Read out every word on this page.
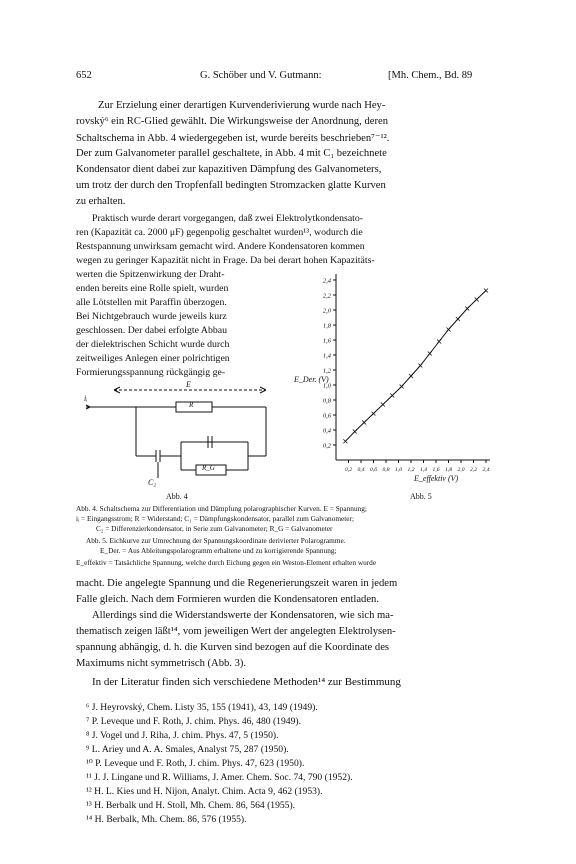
652	G. Schöber und V. Gutmann:	[Mh. Chem., Bd. 89
Zur Erzielung einer derartigen Kurvenderivierung wurde nach Hey-
rovský⁶ ein RC-Glied gewählt. Die Wirkungsweise der Anordnung, deren
Schaltschema in Abb. 4 wiedergegeben ist, wurde bereits beschrieben⁷⁻¹².
Der zum Galvanometer parallel geschaltete, in Abb. 4 mit C₁ bezeichnete
Kondensator dient dabei zur kapazitiven Dämpfung des Galvanometers,
um trotz der durch den Tropfenfall bedingten Stromzacken glatte Kurven
zu erhalten.
Praktisch wurde derart vorgegangen, daß zwei Elektrolytkondensato-
ren (Kapazität ca. 2000 μF) gegenpolig geschaltet wurden¹³, wodurch die
Restspannung unwirksam gemacht wird. Andere Kondensatoren kommen
wegen zu geringer Kapazität nicht in Frage. Da bei derart hohen Kapazitäts-
werten die Spitzenwirkung der Draht-
enden bereits eine Rolle spielt, wurden
alle Lötstellen mit Paraffin überzogen.
Bei Nichtgebrauch wurde jeweils kurz
geschlossen. Der dabei erfolgte Abbau
der dielektrischen Schicht wurde durch
zeitweiliges Anlegen einer polrichtigen
Formierungsspannung rückgängig ge-
E
iᵢ
R
R_G
C₂
Abb. 4
2,4
2,2
2,0
1,8
1,6
1,4
1,2
1,0
0,8
0,6
0,4
0,2
0,2 0,4 0,6 0,8 1,0 1,2 1,4 1,6 1,8 2,0 2,2 2,4
E_Der. (V)
E_effektiv (V)
Abb. 5
Abb. 4. Schaltschema zur Differentiation und Dämpfung polarographischer Kurven. E = Spannung;
iᵢ = Eingangsstrom; R = Widerstand; C₁ = Dämpfungskondensator, parallel zum Galvanometer;
C₂ = Differenzierkondensator, in Serie zum Galvanometer; R_G = Galvanometer
Abb. 5. Eichkurve zur Umrechnung der Spannungskoordinate derivierter Polarogramme.
E_Der. = Aus Ableitungspolarogramm erhaltene und zu korrigierende Spannung;
E_effektiv = Tatsächliche Spannung, welche durch Eichung gegen ein Weston-Element erhalten wurde
macht. Die angelegte Spannung und die Regenerierungszeit waren in jedem
Falle gleich. Nach dem Formieren wurden die Kondensatoren entladen.
Allerdings sind die Widerstandswerte der Kondensatoren, wie sich ma-
thematisch zeigen läßt¹⁴, vom jeweiligen Wert der angelegten Elektrolysen-
spannung abhängig, d. h. die Kurven sind bezogen auf die Koordinate des
Maximums nicht symmetrisch (Abb. 3).
In der Literatur finden sich verschiedene Methoden¹⁴ zur Bestimmung
⁶ J. Heyrovský, Chem. Listy 35, 155 (1941), 43, 149 (1949).
⁷ P. Leveque und F. Roth, J. chim. Phys. 46, 480 (1949).
⁸ J. Vogel und J. Riha, J. chim. Phys. 47, 5 (1950).
⁹ L. Ariey und A. A. Smales, Analyst 75, 287 (1950).
¹⁰ P. Leveque und F. Roth, J. chim. Phys. 47, 623 (1950).
¹¹ J. J. Lingane und R. Williams, J. Amer. Chem. Soc. 74, 790 (1952).
¹² H. L. Kies und H. Nijon, Analyt. Chim. Acta 9, 462 (1953).
¹³ H. Berbalk und H. Stoll, Mh. Chem. 86, 564 (1955).
¹⁴ H. Berbalk, Mh. Chem. 86, 576 (1955).
